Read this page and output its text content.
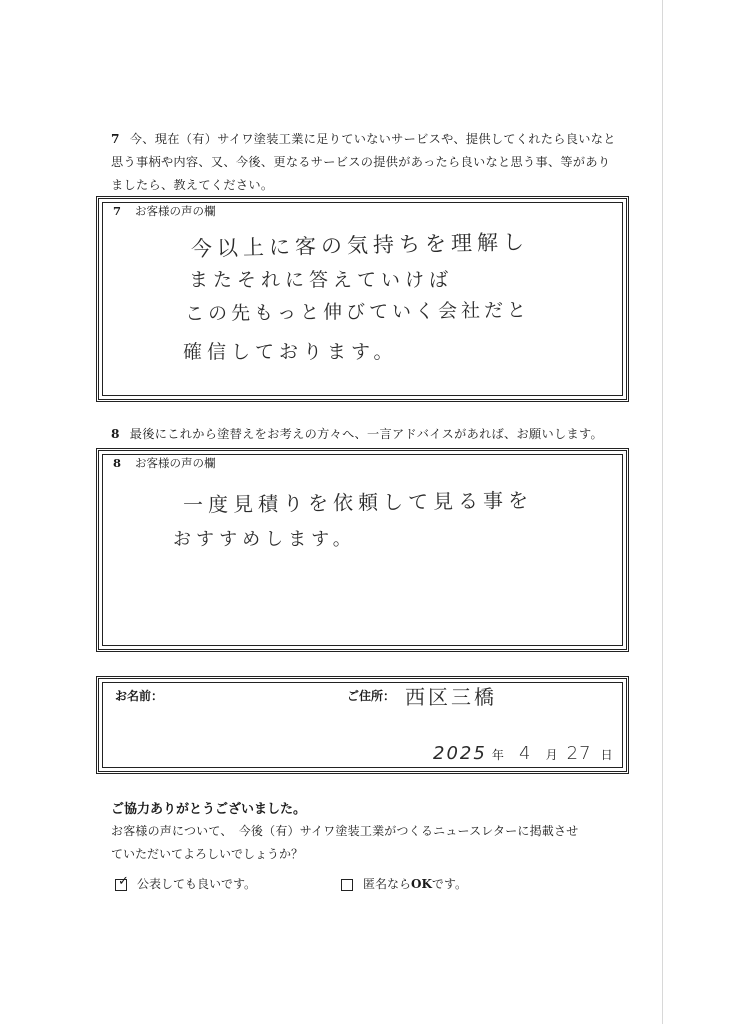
7 今、現在（有）サイワ塗装工業に足りていないサービスや、提供してくれたら良いなと思う事柄や内容、又、今後、更なるサービスの提供があったら良いなと思う事、等がありましたら、教えてください。
7 お客様の声の欄
今以上に客の気持ちを理解し
またそれに答えていけば
この先もっと伸びていく会社だと
確信しております。
8 最後にこれから塗替えをお考えの方々へ、一言アドバイスがあれば、お願いします。
8 お客様の声の欄
一度見積りを依頼して見る事を
おすすめします。
お名前：	ご住所： 西区三橋
2025 年 4 月 27 日
ご協力ありがとうございました。
お客様の声について、　今後（有）サイワ塗装工業がつくるニュースレターに掲載させ
ていただいてよろしいでしょうか？
✓ 公表しても良いです。	匿名ならOKです。
